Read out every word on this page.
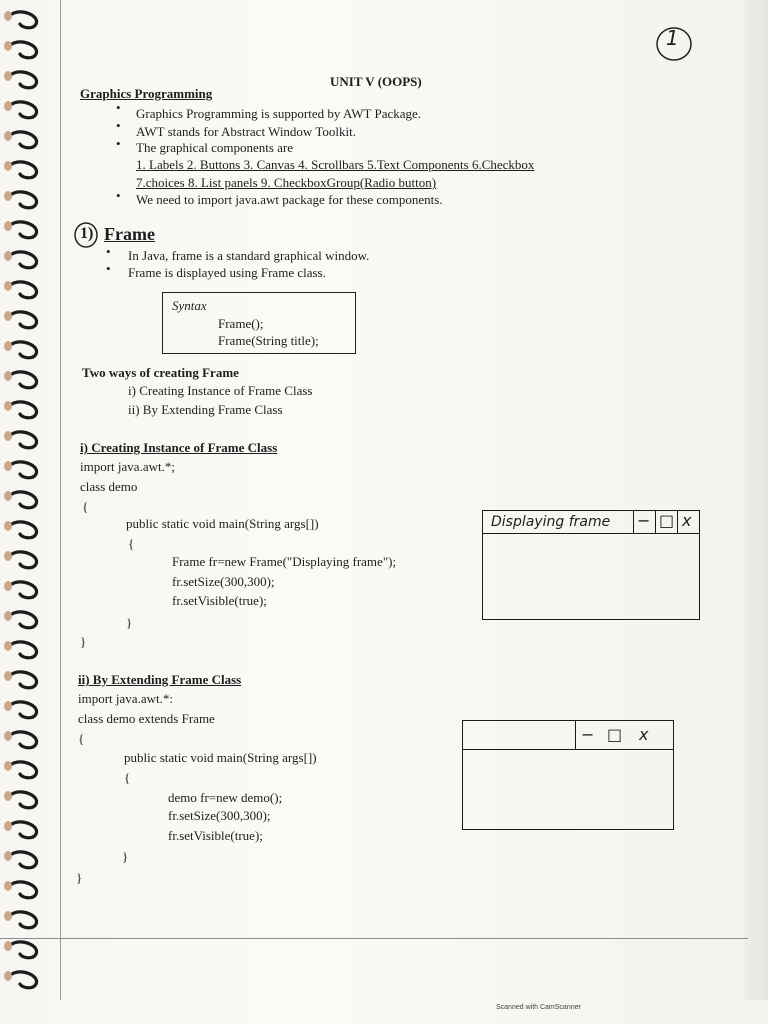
UNIT V (OOPS)
1
Graphics Programming
• Graphics Programming is supported by AWT Package.
• AWT stands for Abstract Window Toolkit.
• The graphical components are
1. Labels 2. Buttons 3. Canvas 4. Scrollbars 5.Text Components 6.Checkbox
7.choices 8. List panels 9. CheckboxGroup(Radio button)
• We need to import java.awt package for these components.
1) Frame
• In Java, frame is a standard graphical window.
• Frame is displayed using Frame class.
Syntax
Frame();
Frame(String title);
Two ways of creating Frame
i) Creating Instance of Frame Class
ii) By Extending Frame Class
i) Creating Instance of Frame Class
import java.awt.*;
class demo
{
public static void main(String args[])
{
Frame fr=new Frame("Displaying frame");
fr.setSize(300,300);
fr.setVisible(true);
}
}
Displaying frame − □ x
ii) By Extending Frame Class
import java.awt.*:
class demo extends Frame
{
public static void main(String args[])
{
demo fr=new demo();
fr.setSize(300,300);
fr.setVisible(true);
}
}
− □ x
Scanned with CamScanner
